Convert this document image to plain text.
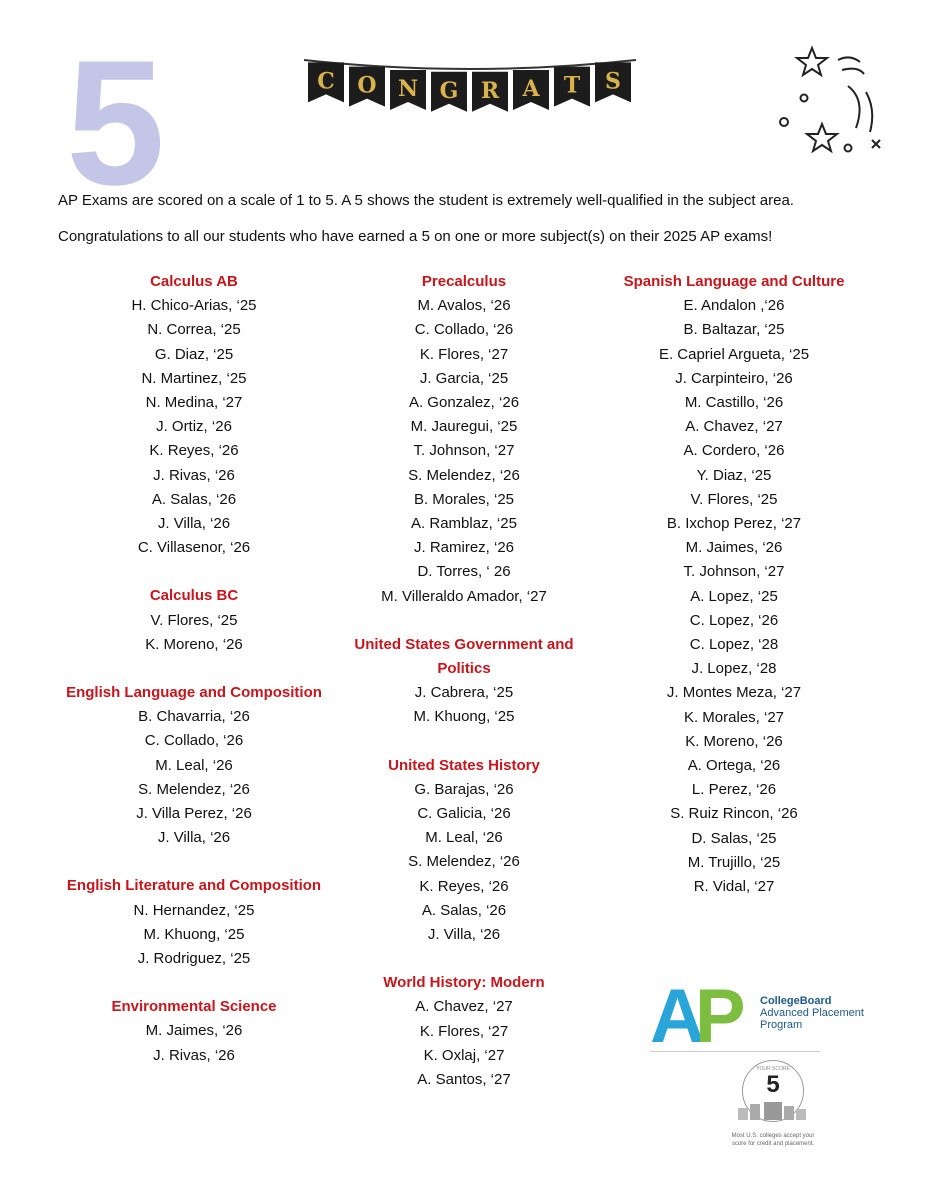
5	C O N G R A T S
AP Exams are scored on a scale of 1 to 5. A 5 shows the student is extremely well-qualified in the subject area.
Congratulations to all our students who have earned a 5 on one or more subject(s) on their 2025 AP exams!
Calculus AB
H. Chico-Arias, ‘25
N. Correa, ‘25
G. Diaz, ‘25
N. Martinez, ‘25
N. Medina, ‘27
J. Ortiz, ‘26
K. Reyes, ‘26
J. Rivas, ‘26
A. Salas, ‘26
J. Villa, ‘26
C. Villasenor, ‘26
Calculus BC
V. Flores, ‘25
K. Moreno, ‘26
English Language and Composition
B. Chavarria, ‘26
C. Collado, ‘26
M. Leal, ‘26
S. Melendez, ‘26
J. Villa Perez, ‘26
J. Villa, ‘26
English Literature and Composition
N. Hernandez, ‘25
M. Khuong, ‘25
J. Rodriguez, ‘25
Environmental Science
M. Jaimes, ‘26
J. Rivas, ‘26
Precalculus
M. Avalos, ‘26
C. Collado, ‘26
K. Flores, ‘27
J. Garcia, ‘25
A. Gonzalez, ‘26
M. Jauregui, ‘25
T. Johnson, ‘27
S. Melendez, ‘26
B. Morales, ‘25
A. Ramblaz, ‘25
J. Ramirez, ‘26
D. Torres, ‘ 26
M. Villeraldo Amador, ‘27
United States Government and Politics
J. Cabrera, ‘25
M. Khuong, ‘25
United States History
G. Barajas, ‘26
C. Galicia, ‘26
M. Leal, ‘26
S. Melendez, ‘26
K. Reyes, ‘26
A. Salas, ‘26
J. Villa, ‘26
World History: Modern
A. Chavez, ‘27
K. Flores, ‘27
K. Oxlaj, ‘27
A. Santos, ‘27
Spanish Language and Culture
E. Andalon ,‘26
B. Baltazar, ‘25
E. Capriel Argueta, ‘25
J. Carpinteiro, ‘26
M. Castillo, ‘26
A. Chavez, ‘27
A. Cordero, ‘26
Y. Diaz, ‘25
V. Flores, ‘25
B. Ixchop Perez, ‘27
M. Jaimes, ‘26
T. Johnson, ‘27
A. Lopez, ‘25
C. Lopez, ‘26
C. Lopez, ‘28
J. Lopez, ‘28
J. Montes Meza, ‘27
K. Morales, ‘27
K. Moreno, ‘26
A. Ortega, ‘26
L. Perez, ‘26
S. Ruiz Rincon, ‘26
D. Salas, ‘25
M. Trujillo, ‘25
R. Vidal, ‘27
AP CollegeBoard
Advanced Placement
Program
YOUR SCORE
5
Most U.S. colleges accept your
score for credit and placement.
